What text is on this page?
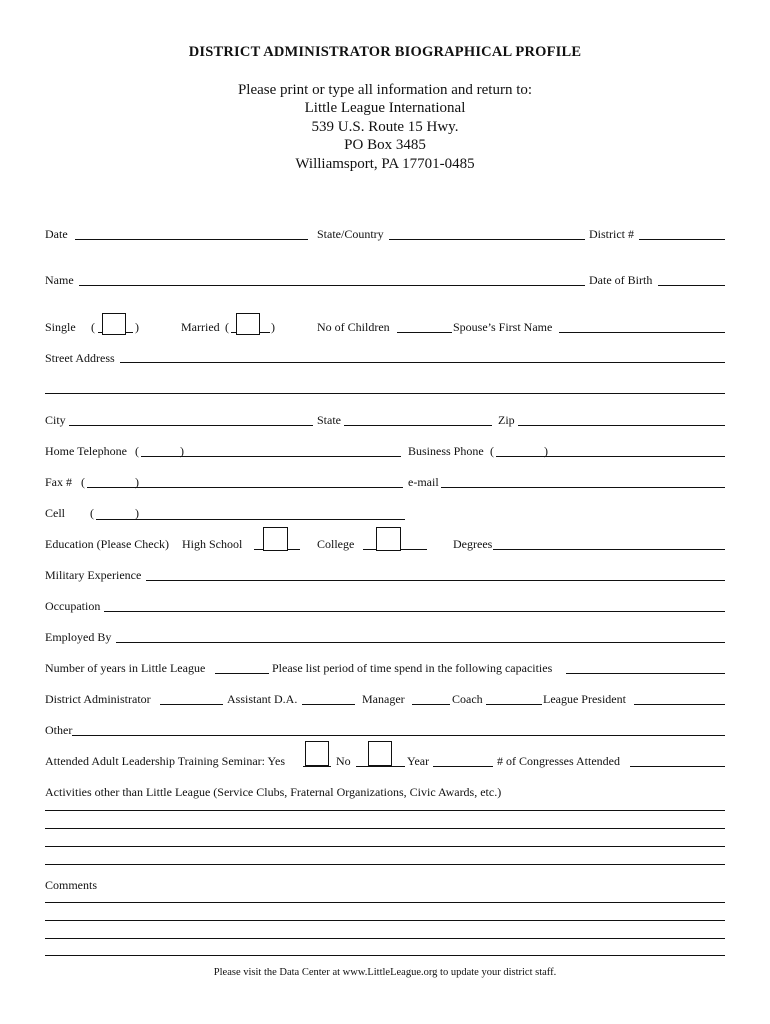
DISTRICT ADMINISTRATOR BIOGRAPHICAL PROFILE
Please print or type all information and return to:
Little League International
539 U.S. Route 15 Hwy.
PO Box 3485
Williamsport, PA 17701-0485
Date	State/Country	District #
Name	Date of Birth
Single (	)	Married (	)	No of Children	Spouse’s First Name
Street Address
City	State	Zip
Home Telephone (	)	Business Phone (	)
Fax # (	)	e-mail
Cell (	)
Education (Please Check) High School	College	Degrees
Military Experience
Occupation
Employed By
Number of years in Little League	Please list period of time spend in the following capacities
District Administrator	Assistant D.A.	Manager	Coach	League President
Other
Attended Adult Leadership Training Seminar: Yes	No	Year	# of Congresses Attended
Activities other than Little League (Service Clubs, Fraternal Organizations, Civic Awards, etc.)
Comments
Please visit the Data Center at www.LittleLeague.org to update your district staff.
